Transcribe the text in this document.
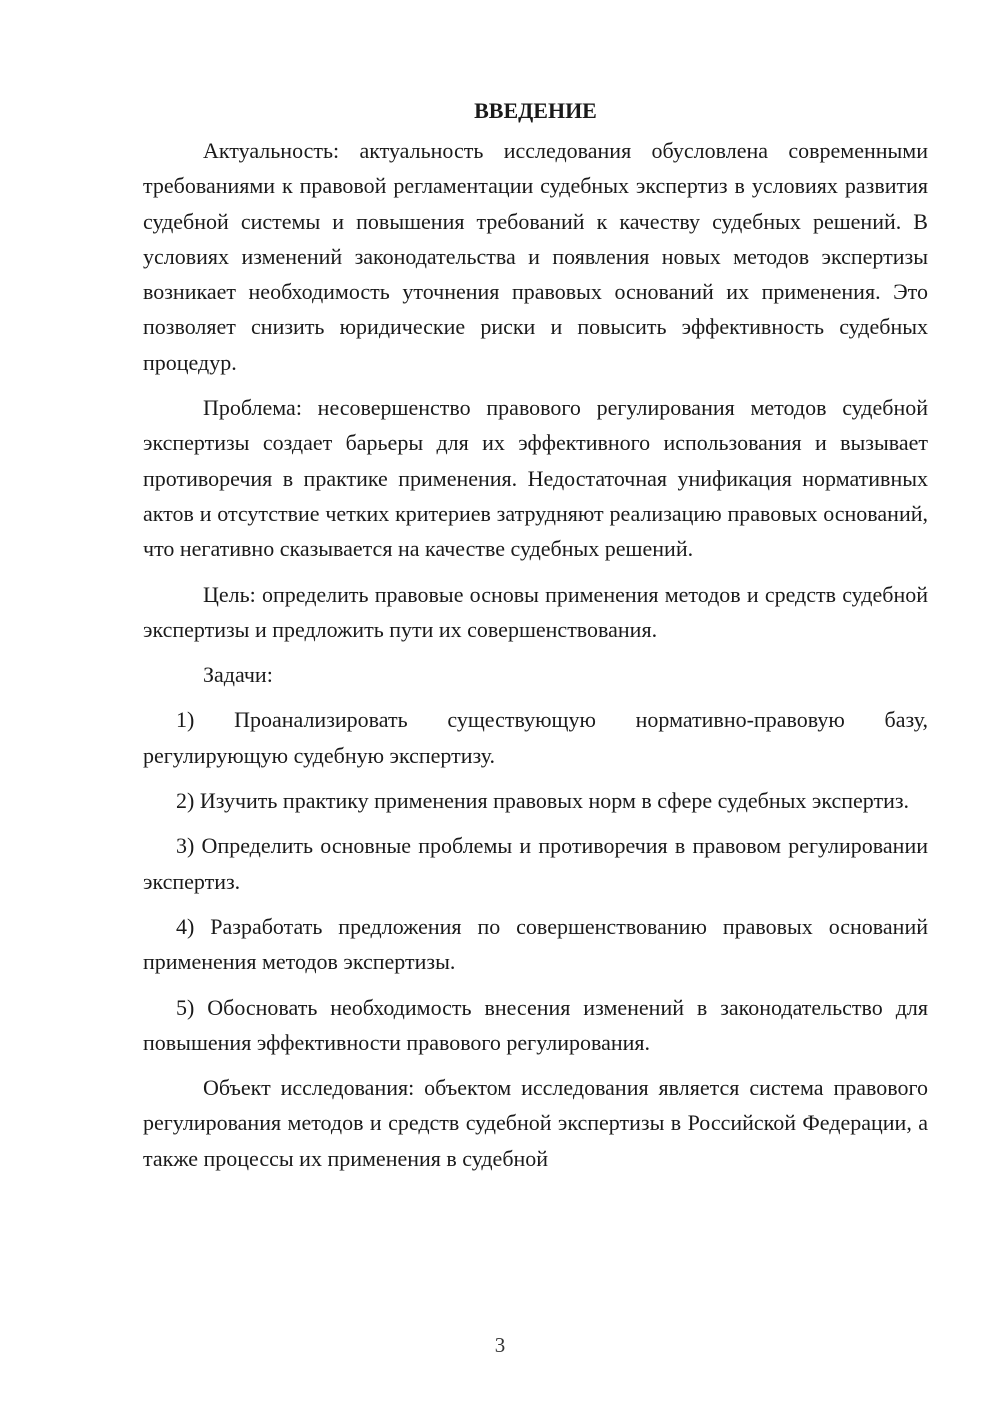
ВВЕДЕНИЕ

Актуальность: актуальность исследования обусловлена современными требованиями к правовой регламентации судебных экспертиз в условиях развития судебной системы и повышения требований к качеству судебных решений. В условиях изменений законодательства и появления новых методов экспертизы возникает необходимость уточнения правовых оснований их применения. Это позволяет снизить юридические риски и повысить эффективность судебных процедур.

Проблема: несовершенство правового регулирования методов судебной экспертизы создает барьеры для их эффективного использования и вызывает противоречия в практике применения. Недостаточная унификация нормативных актов и отсутствие четких критериев затрудняют реализацию правовых оснований, что негативно сказывается на качестве судебных решений.

Цель: определить правовые основы применения методов и средств судебной экспертизы и предложить пути их совершенствования.

Задачи:

1) Проанализировать существующую нормативно-правовую базу, регулирующую судебную экспертизу.

2) Изучить практику применения правовых норм в сфере судебных экспертиз.

3) Определить основные проблемы и противоречия в правовом регулировании экспертиз.

4) Разработать предложения по совершенствованию правовых оснований применения методов экспертизы.

5) Обосновать необходимость внесения изменений в законодательство для повышения эффективности правового регулирования.

Объект исследования: объектом исследования является система правового регулирования методов и средств судебной экспертизы в Российской Федерации, а также процессы их применения в судебной

3
